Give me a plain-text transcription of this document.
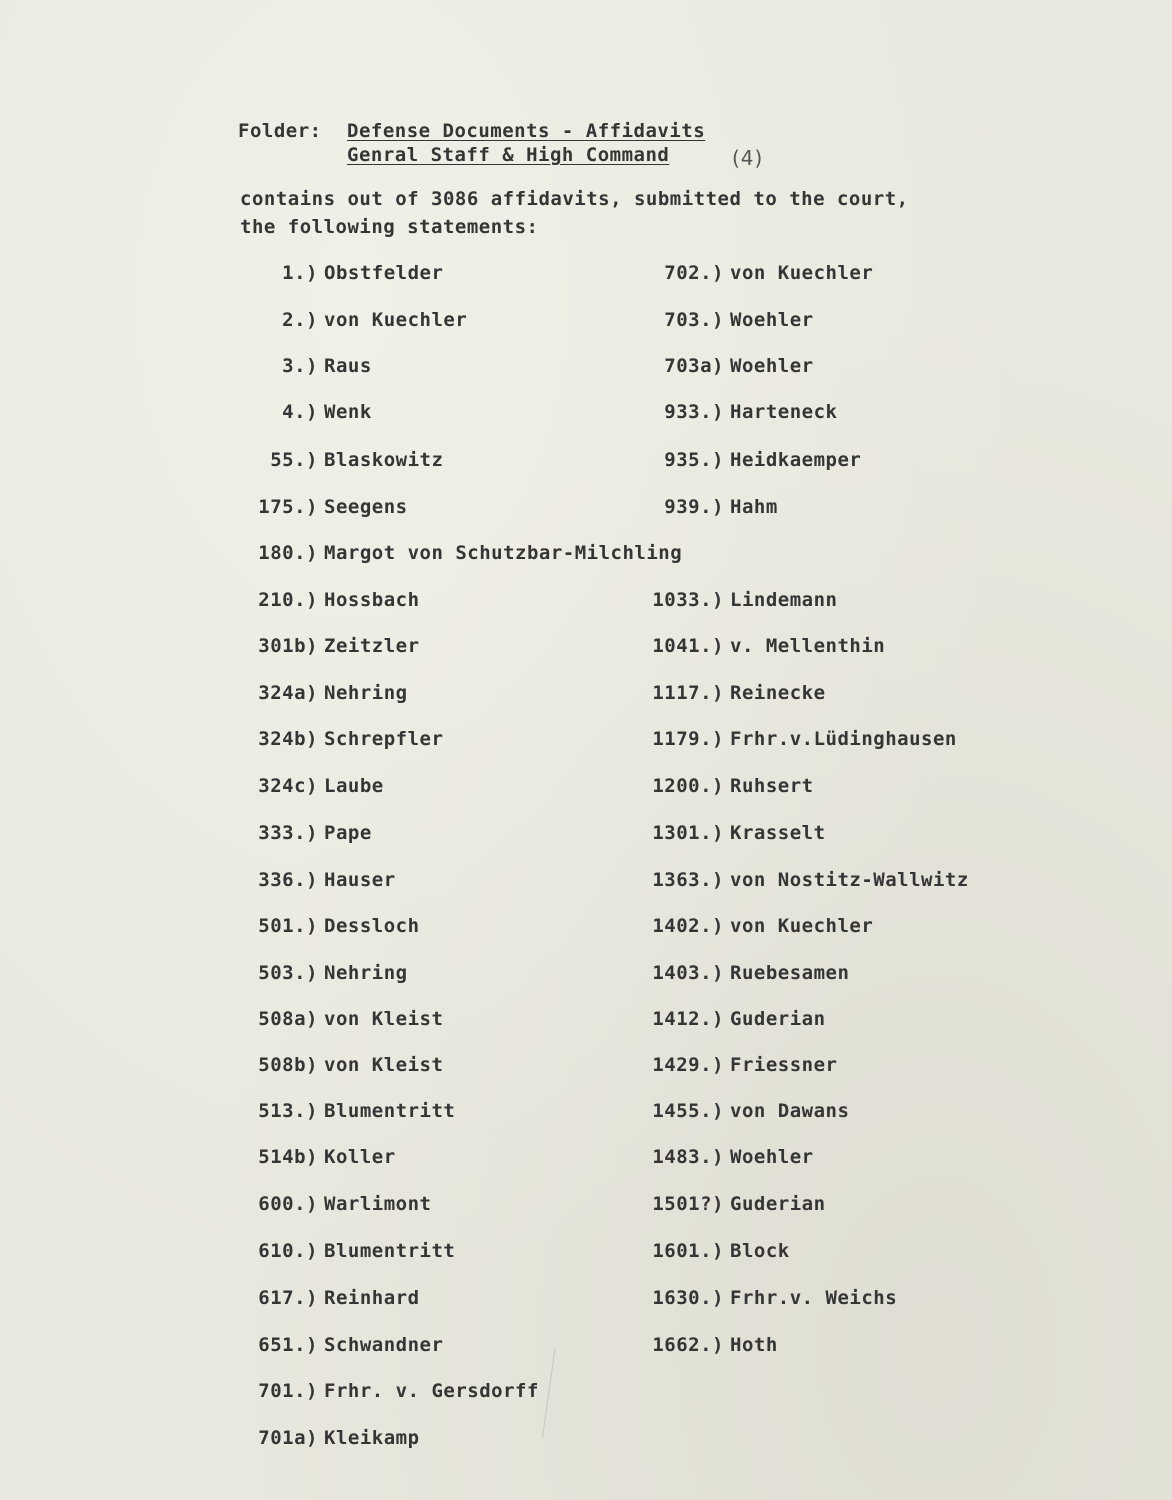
Folder: Defense Documents - Affidavits
Genral Staff & High Command	(4)
contains out of 3086 affidavits, submitted to the court,
the following statements:
1.) Obstfelder
2.) von Kuechler
3.) Raus
4.) Wenk
55.) Blaskowitz
175.) Seegens
180.) Margot von Schutzbar-Milchling
210.) Hossbach
301b) Zeitzler
324a) Nehring
324b) Schrepfler
324c) Laube
333.) Pape
336.) Hauser
501.) Dessloch
503.) Nehring
508a) von Kleist
508b) von Kleist
513.) Blumentritt
514b) Koller
600.) Warlimont
610.) Blumentritt
617.) Reinhard
651.) Schwandner
701.) Frhr. v. Gersdorff
701a) Kleikamp
702.) von Kuechler
703.) Woehler
703a) Woehler
933.) Harteneck
935.) Heidkaemper
939.) Hahm
1033.) Lindemann
1041.) v. Mellenthin
1117.) Reinecke
1179.) Frhr.v.Lüdinghausen
1200.) Ruhsert
1301.) Krasselt
1363.) von Nostitz-Wallwitz
1402.) von Kuechler
1403.) Ruebesamen
1412.) Guderian
1429.) Friessner
1455.) von Dawans
1483.) Woehler
1501?) Guderian
1601.) Block
1630.) Frhr.v. Weichs
1662.) Hoth
